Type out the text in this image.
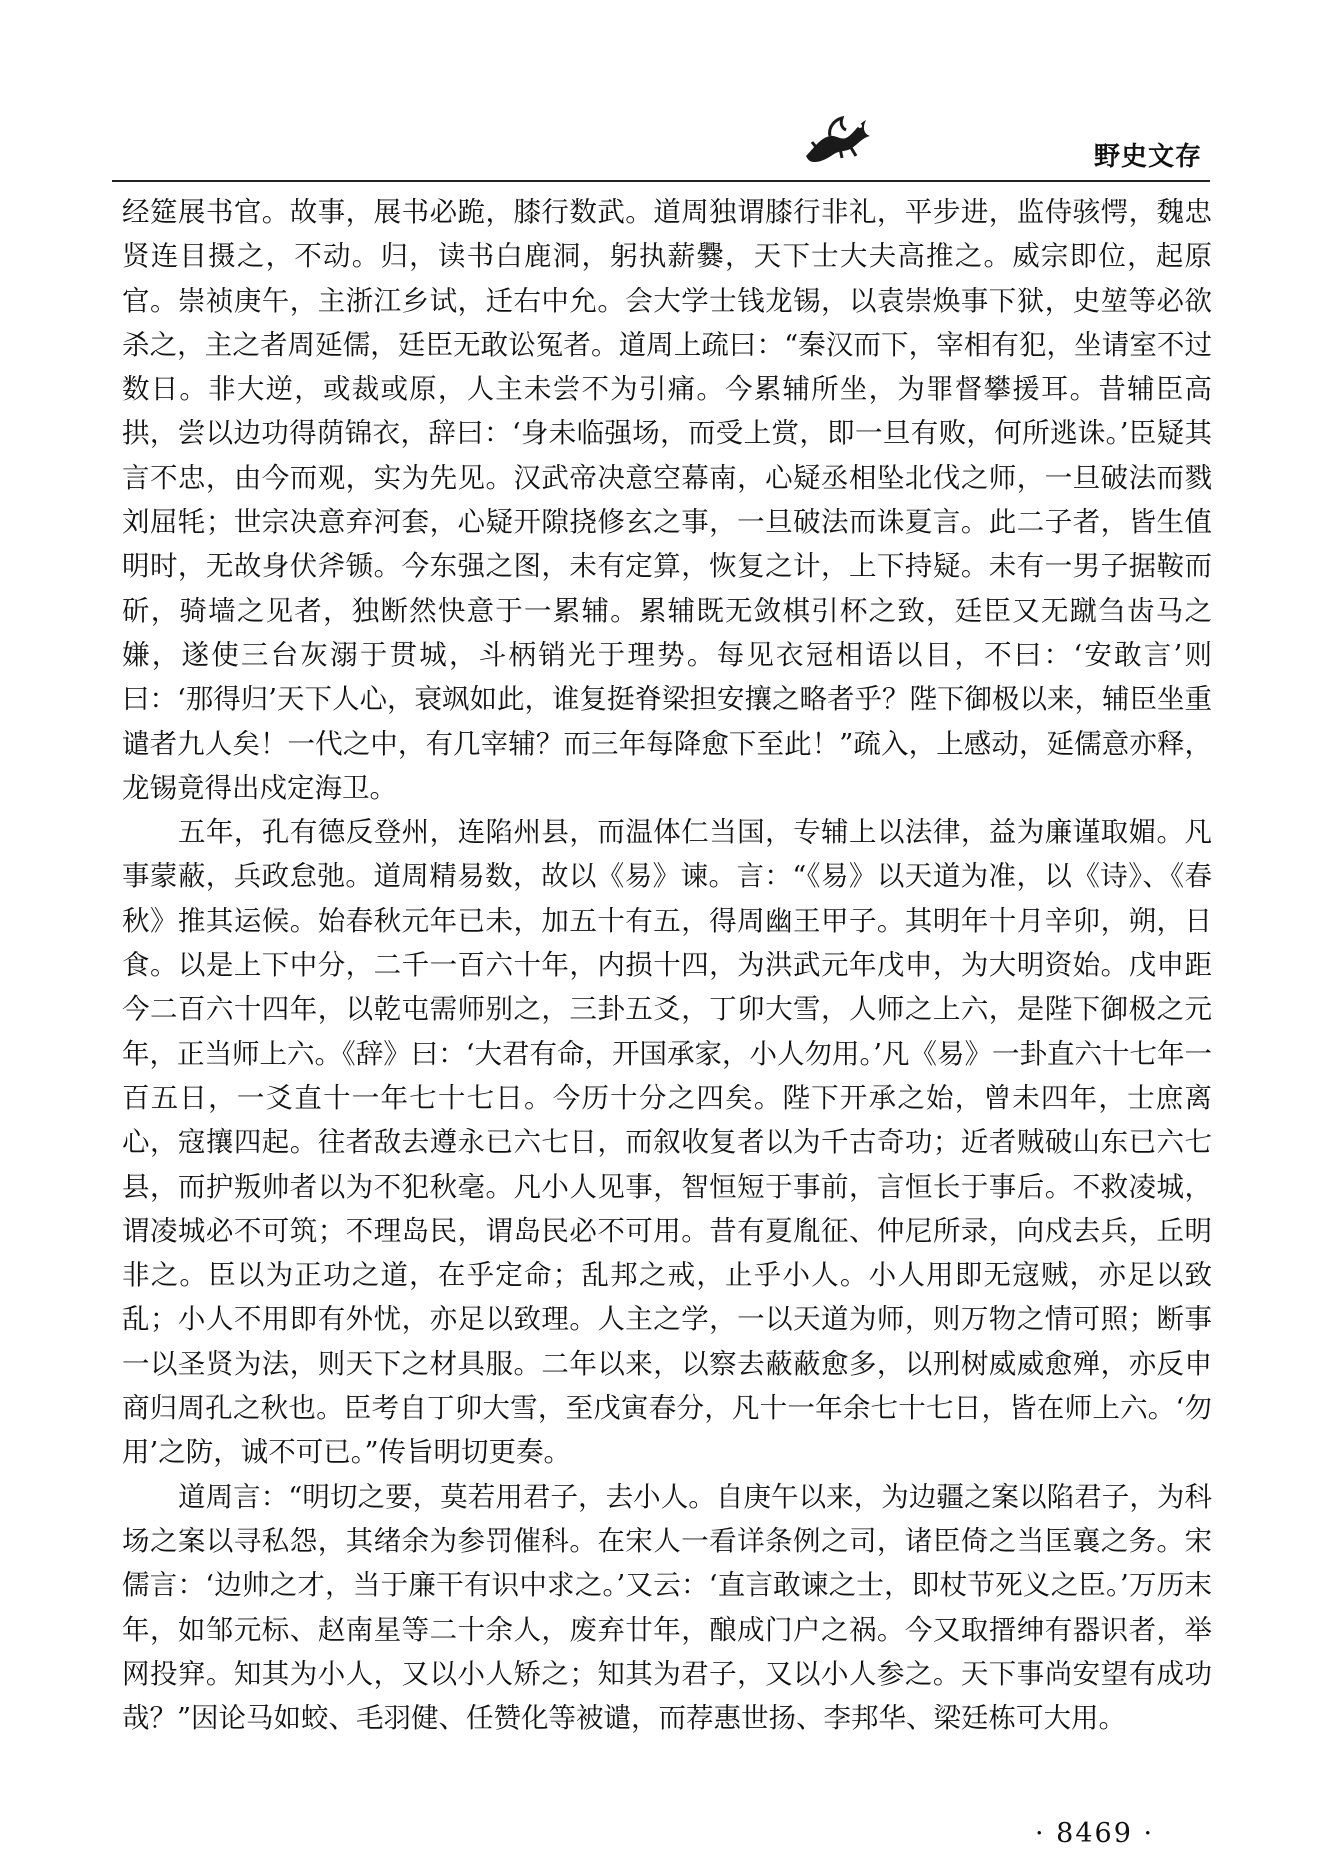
野史文存

经筵展书官。故事，展书必跪，膝行数武。道周独谓膝行非礼，平步进，监侍骇愕，魏忠贤连目摄之，不动。归，读书白鹿洞，躬执薪爨，天下士大夫高推之。威宗即位，起原官。崇祯庚午，主浙江乡试，迁右中允。会大学士钱龙锡，以袁崇焕事下狱，史堃等必欲杀之，主之者周延儒，廷臣无敢讼冤者。道周上疏曰：“秦汉而下，宰相有犯，坐请室不过数日。非大逆，或裁或原，人主未尝不为引痛。今累辅所坐，为罪督攀援耳。昔辅臣高拱，尝以边功得荫锦衣，辞曰：‘身未临强场，而受上赏，即一旦有败，何所逃诛。’臣疑其言不忠，由今而观，实为先见。汉武帝决意空幕南，心疑丞相坠北伐之师，一旦破法而戮刘屈牦；世宗决意弃河套，心疑开隙挠修玄之事，一旦破法而诛夏言。此二子者，皆生值明时，无故身伏斧锧。今东强之图，未有定算，恢复之计，上下持疑。未有一男子据鞍而斫，骑墙之见者，独断然快意于一累辅。累辅既无敛棋引杯之致，廷臣又无蹴刍齿马之嫌，遂使三台灰溺于贯城，斗柄销光于理势。每见衣冠相语以目，不曰：‘安敢言’则曰：‘那得归’天下人心，衰飒如此，谁复挺脊梁担安攘之略者乎？陛下御极以来，辅臣坐重谴者九人矣！一代之中，有几宰辅？而三年每降愈下至此！”疏入，上感动，延儒意亦释，龙锡竟得出戍定海卫。

五年，孔有德反登州，连陷州县，而温体仁当国，专辅上以法律，益为廉谨取媚。凡事蒙蔽，兵政怠弛。道周精易数，故以《易》谏。言：“《易》以天道为准，以《诗》、《春秋》推其运候。始春秋元年已未，加五十有五，得周幽王甲子。其明年十月辛卯，朔，日食。以是上下中分，二千一百六十年，内损十四，为洪武元年戊申，为大明资始。戊申距今二百六十四年，以乾屯需师别之，三卦五爻，丁卯大雪，人师之上六，是陛下御极之元年，正当师上六。《辞》曰：‘大君有命，开国承家，小人勿用。’凡《易》一卦直六十七年一百五日，一爻直十一年七十七日。今历十分之四矣。陛下开承之始，曾未四年，士庶离心，寇攘四起。往者敌去遵永已六七日，而叙收复者以为千古奇功；近者贼破山东已六七县，而护叛帅者以为不犯秋毫。凡小人见事，智恒短于事前，言恒长于事后。不救凌城，谓凌城必不可筑；不理岛民，谓岛民必不可用。昔有夏胤征、仲尼所录，向戍去兵，丘明非之。臣以为正功之道，在乎定命；乱邦之戒，止乎小人。小人用即无寇贼，亦足以致乱；小人不用即有外忧，亦足以致理。人主之学，一以天道为师，则万物之情可照；断事一以圣贤为法，则天下之材具服。二年以来，以察去蔽蔽愈多，以刑树威威愈殚，亦反申商归周孔之秋也。臣考自丁卯大雪，至戊寅春分，凡十一年余七十七日，皆在师上六。‘勿用’之防，诚不可已。”传旨明切更奏。

道周言：“明切之要，莫若用君子，去小人。自庚午以来，为边疆之案以陷君子，为科场之案以寻私怨，其绪余为参罚催科。在宋人一看详条例之司，诸臣倚之当匡襄之务。宋儒言：‘边帅之才，当于廉干有识中求之。’又云：‘直言敢谏之士，即杖节死义之臣。’万历末年，如邹元标、赵南星等二十余人，废弃廿年，酿成门户之祸。今又取搢绅有器识者，举网投穽。知其为小人，又以小人矫之；知其为君子，又以小人参之。天下事尚安望有成功哉？”因论马如蛟、毛羽健、任赞化等被谴，而荐惠世扬、李邦华、梁廷栋可大用。

· 8469 ·
